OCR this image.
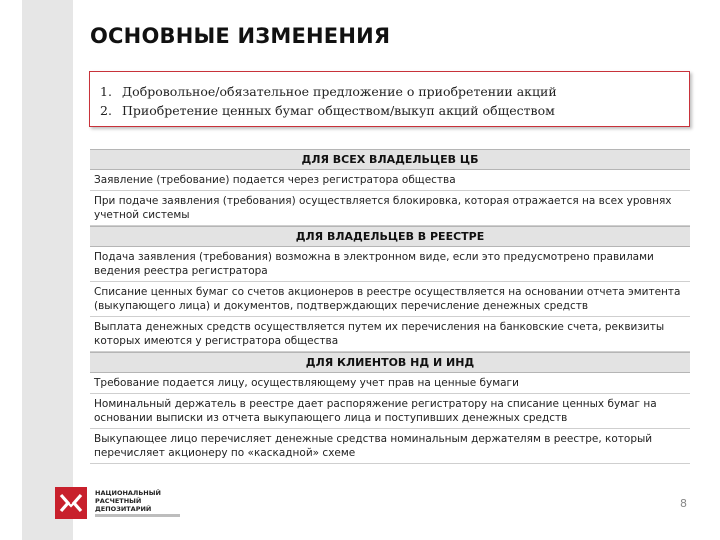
ОСНОВНЫЕ ИЗМЕНЕНИЯ
1. Добровольное/обязательное предложение о приобретении акций
2. Приобретение ценных бумаг обществом/выкуп акций обществом
ДЛЯ ВСЕХ ВЛАДЕЛЬЦЕВ ЦБ
Заявление (требование) подается через регистратора общества
При подаче заявления (требования) осуществляется блокировка, которая отражается на всех уровнях учетной системы
ДЛЯ ВЛАДЕЛЬЦЕВ В РЕЕСТРЕ
Подача заявления (требования) возможна в электронном виде, если это предусмотрено правилами ведения реестра регистратора
Списание ценных бумаг со счетов акционеров в реестре осуществляется на основании отчета эмитента (выкупающего лица) и документов, подтверждающих перечисление денежных средств
Выплата денежных средств осуществляется путем их перечисления на банковские счета, реквизиты которых имеются у регистратора общества
ДЛЯ КЛИЕНТОВ НД И ИНД
Требование подается лицу, осуществляющему учет прав на ценные бумаги
Номинальный держатель в реестре дает распоряжение регистратору на списание ценных бумаг на основании выписки из отчета выкупающего лица и поступивших денежных средств
Выкупающее лицо перечисляет денежные средства номинальным держателям в реестре, который перечисляет акционеру по «каскадной» схеме
НАЦИОНАЛЬНЫЙ
РАСЧЕТНЫЙ
ДЕПОЗИТАРИЙ	8
